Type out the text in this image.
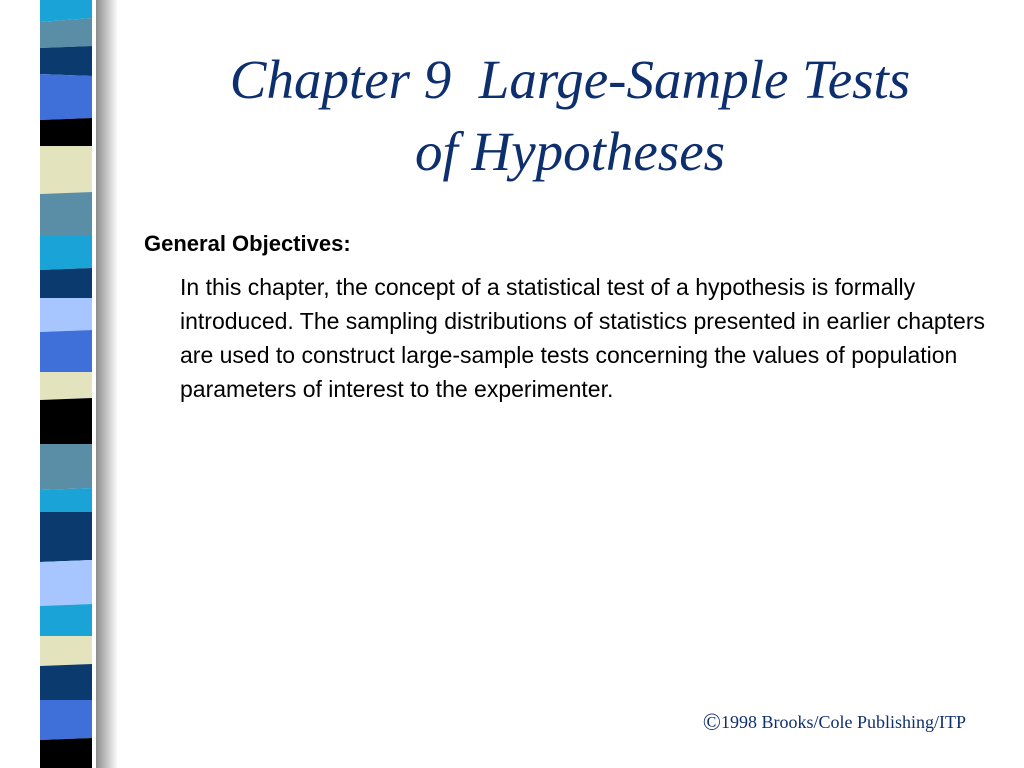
Chapter 9  Large-Sample Tests
of Hypotheses

General Objectives:

In this chapter, the concept of a statistical test of a hypothesis is formally introduced. The sampling distributions of statistics presented in earlier chapters are used to construct large-sample tests concerning the values of population parameters of interest to the experimenter.

©1998 Brooks/Cole Publishing/ITP
